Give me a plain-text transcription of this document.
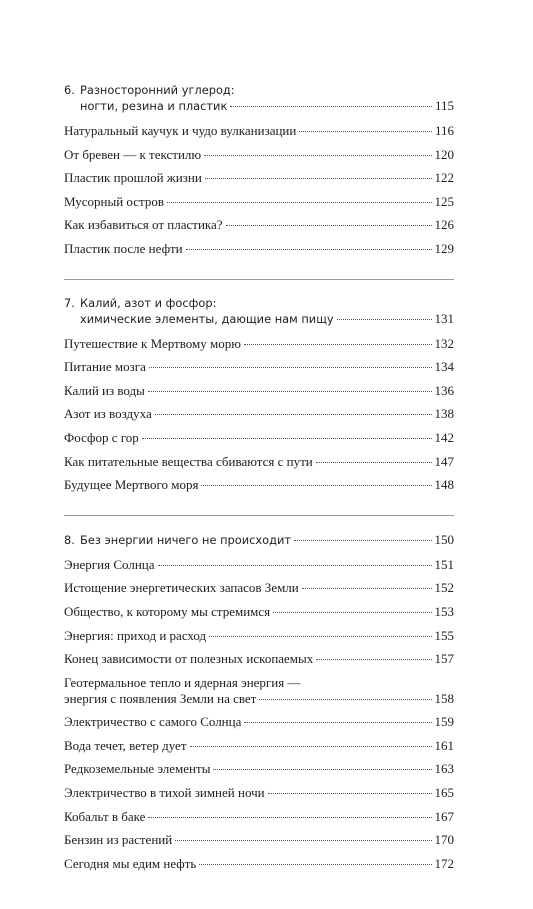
6. Разносторонний углерод:
ногти, резина и пластик	115
Натуральный каучук и чудо вулканизации	116
От бревен — к текстилю	120
Пластик прошлой жизни	122
Мусорный остров	125
Как избавиться от пластика?	126
Пластик после нефти	129
7. Калий, азот и фосфор:
химические элементы, дающие нам пищу	131
Путешествие к Мертвому морю	132
Питание мозга	134
Калий из воды	136
Азот из воздуха	138
Фосфор с гор	142
Как питательные вещества сбиваются с пути	147
Будущее Мертвого моря	148
8. Без энергии ничего не происходит	150
Энергия Солнца	151
Истощение энергетических запасов Земли	152
Общество, к которому мы стремимся	153
Энергия: приход и расход	155
Конец зависимости от полезных ископаемых	157
Геотермальное тепло и ядерная энергия —
энергия с появления Земли на свет	158
Электричество с самого Солнца	159
Вода течет, ветер дует	161
Редкоземельные элементы	163
Электричество в тихой зимней ночи	165
Кобальт в баке	167
Бензин из растений	170
Сегодня мы едим нефть	172
